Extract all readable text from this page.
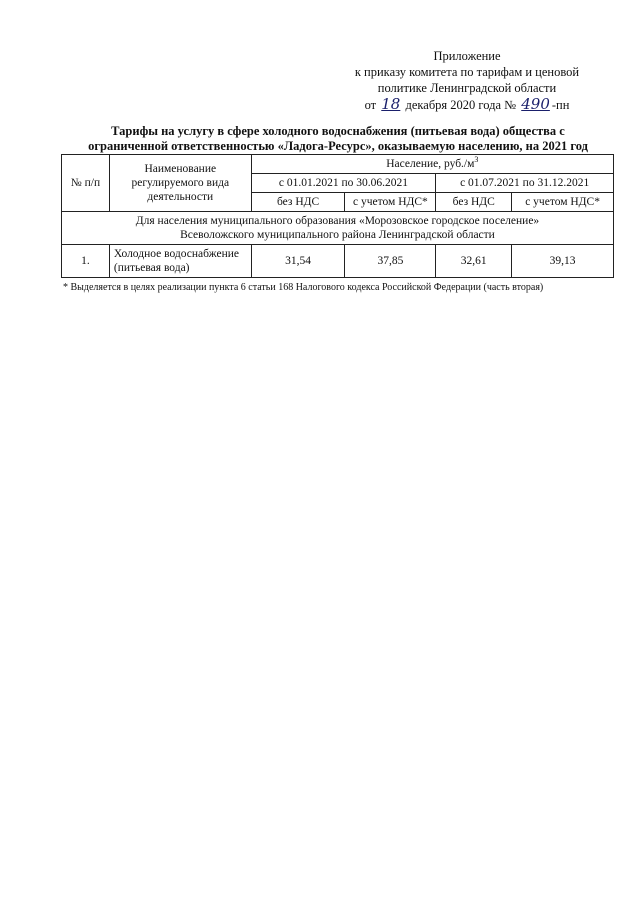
Приложение
к приказу комитета по тарифам и ценовой
политике Ленинградской области
от 18 декабря 2020 года № 490 -пн
Тарифы на услугу в сфере холодного водоснабжения (питьевая вода) общества с
ограниченной ответственностью «Ладога-Ресурс», оказываемую населению, на 2021 год
№ п/п	Наименование регулируемого вида деятельности	Население, $руб./м^3$
		с 01.01.2021 по 30.06.2021		с 01.07.2021 по 31.12.2021	
		без НДС	с учетом НДС*	без НДС	с учетом НДС*

Для населения муниципального образования «Морозовское городское поселение»
Всеволожского муниципального района Ленинградской области					

1.	Холодное водоснабжение (питьевая вода)	31,54	37,85	32,61	39,13
* Выделяется в целях реализации пункта 6 статьи 168 Налогового кодекса Российской Федерации (часть вторая)
